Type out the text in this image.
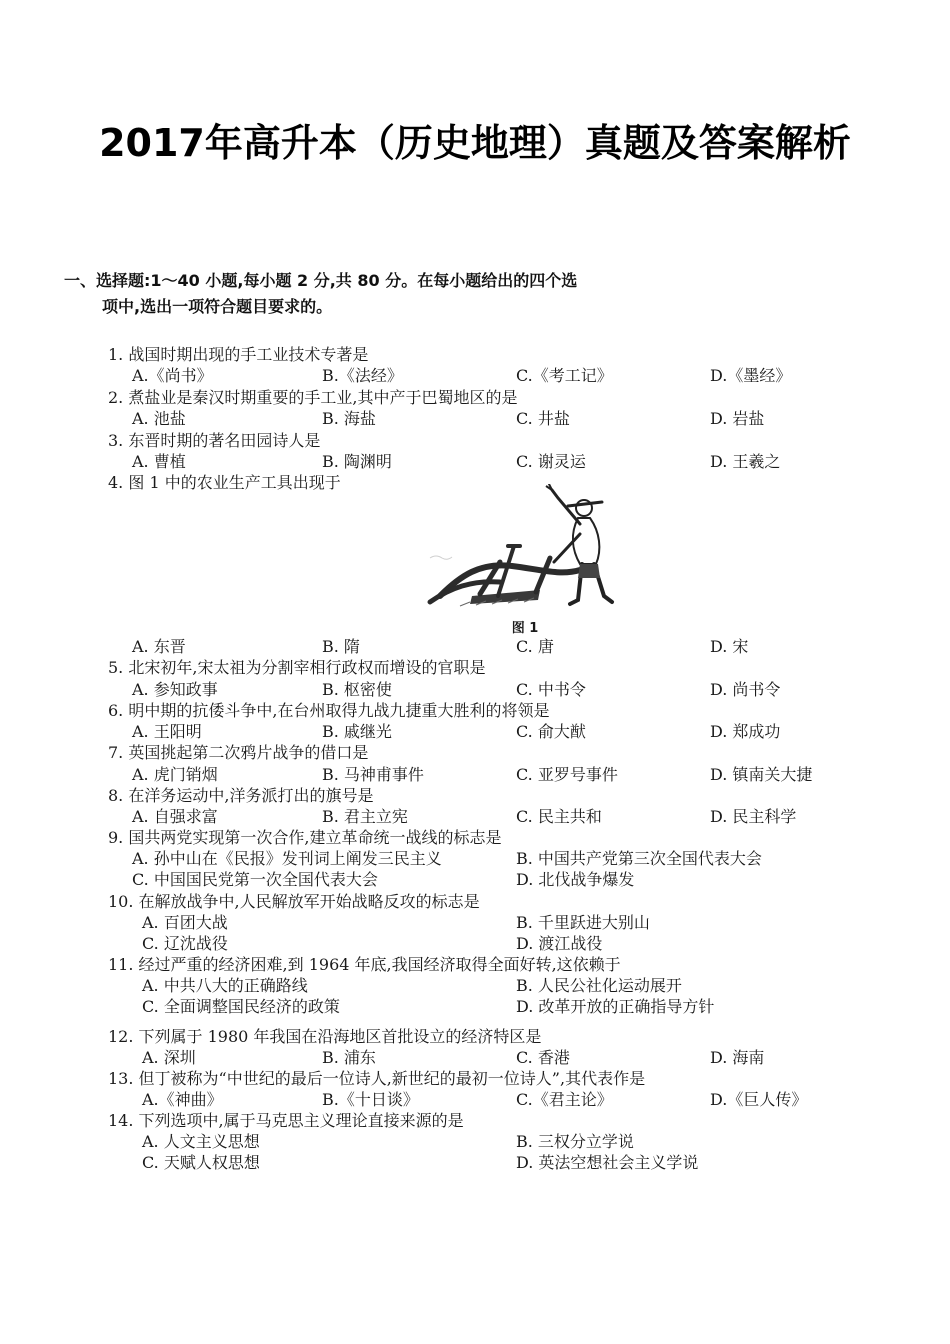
2017年高升本（历史地理）真题及答案解析
一、选择题:1～40 小题,每小题 2 分,共 80 分。在每小题给出的四个选
项中,选出一项符合题目要求的。
1. 战国时期出现的手工业技术专著是
A.《尚书》	B.《法经》	C.《考工记》	D.《墨经》
2. 煮盐业是秦汉时期重要的手工业,其中产于巴蜀地区的是
A. 池盐	B. 海盐	C. 井盐	D. 岩盐
3. 东晋时期的著名田园诗人是
A. 曹植	B. 陶渊明	C. 谢灵运	D. 王羲之
4. 图 1 中的农业生产工具出现于
A. 东晋	B. 隋	C. 唐	D. 宋
5. 北宋初年,宋太祖为分割宰相行政权而增设的官职是
A. 参知政事	B. 枢密使	C. 中书令	D. 尚书令
6. 明中期的抗倭斗争中,在台州取得九战九捷重大胜利的将领是
A. 王阳明	B. 戚继光	C. 俞大猷	D. 郑成功
7. 英国挑起第二次鸦片战争的借口是
A. 虎门销烟	B. 马神甫事件	C. 亚罗号事件	D. 镇南关大捷
8. 在洋务运动中,洋务派打出的旗号是
A. 自强求富	B. 君主立宪	C. 民主共和	D. 民主科学
9. 国共两党实现第一次合作,建立革命统一战线的标志是
A. 孙中山在《民报》发刊词上阐发三民主义	B. 中国共产党第三次全国代表大会
C. 中国国民党第一次全国代表大会	D. 北伐战争爆发
10. 在解放战争中,人民解放军开始战略反攻的标志是
A. 百团大战	B. 千里跃进大别山
C. 辽沈战役	D. 渡江战役
11. 经过严重的经济困难,到 1964 年底,我国经济取得全面好转,这依赖于
A. 中共八大的正确路线	B. 人民公社化运动展开
C. 全面调整国民经济的政策	D. 改革开放的正确指导方针
12. 下列属于 1980 年我国在沿海地区首批设立的经济特区是
A. 深圳	B. 浦东	C. 香港	D. 海南
13. 但丁被称为“中世纪的最后一位诗人,新世纪的最初一位诗人”,其代表作是
A.《神曲》	B.《十日谈》	C.《君主论》	D.《巨人传》
14. 下列选项中,属于马克思主义理论直接来源的是
A. 人文主义思想	B. 三权分立学说
C. 天赋人权思想	D. 英法空想社会主义学说
图 1
